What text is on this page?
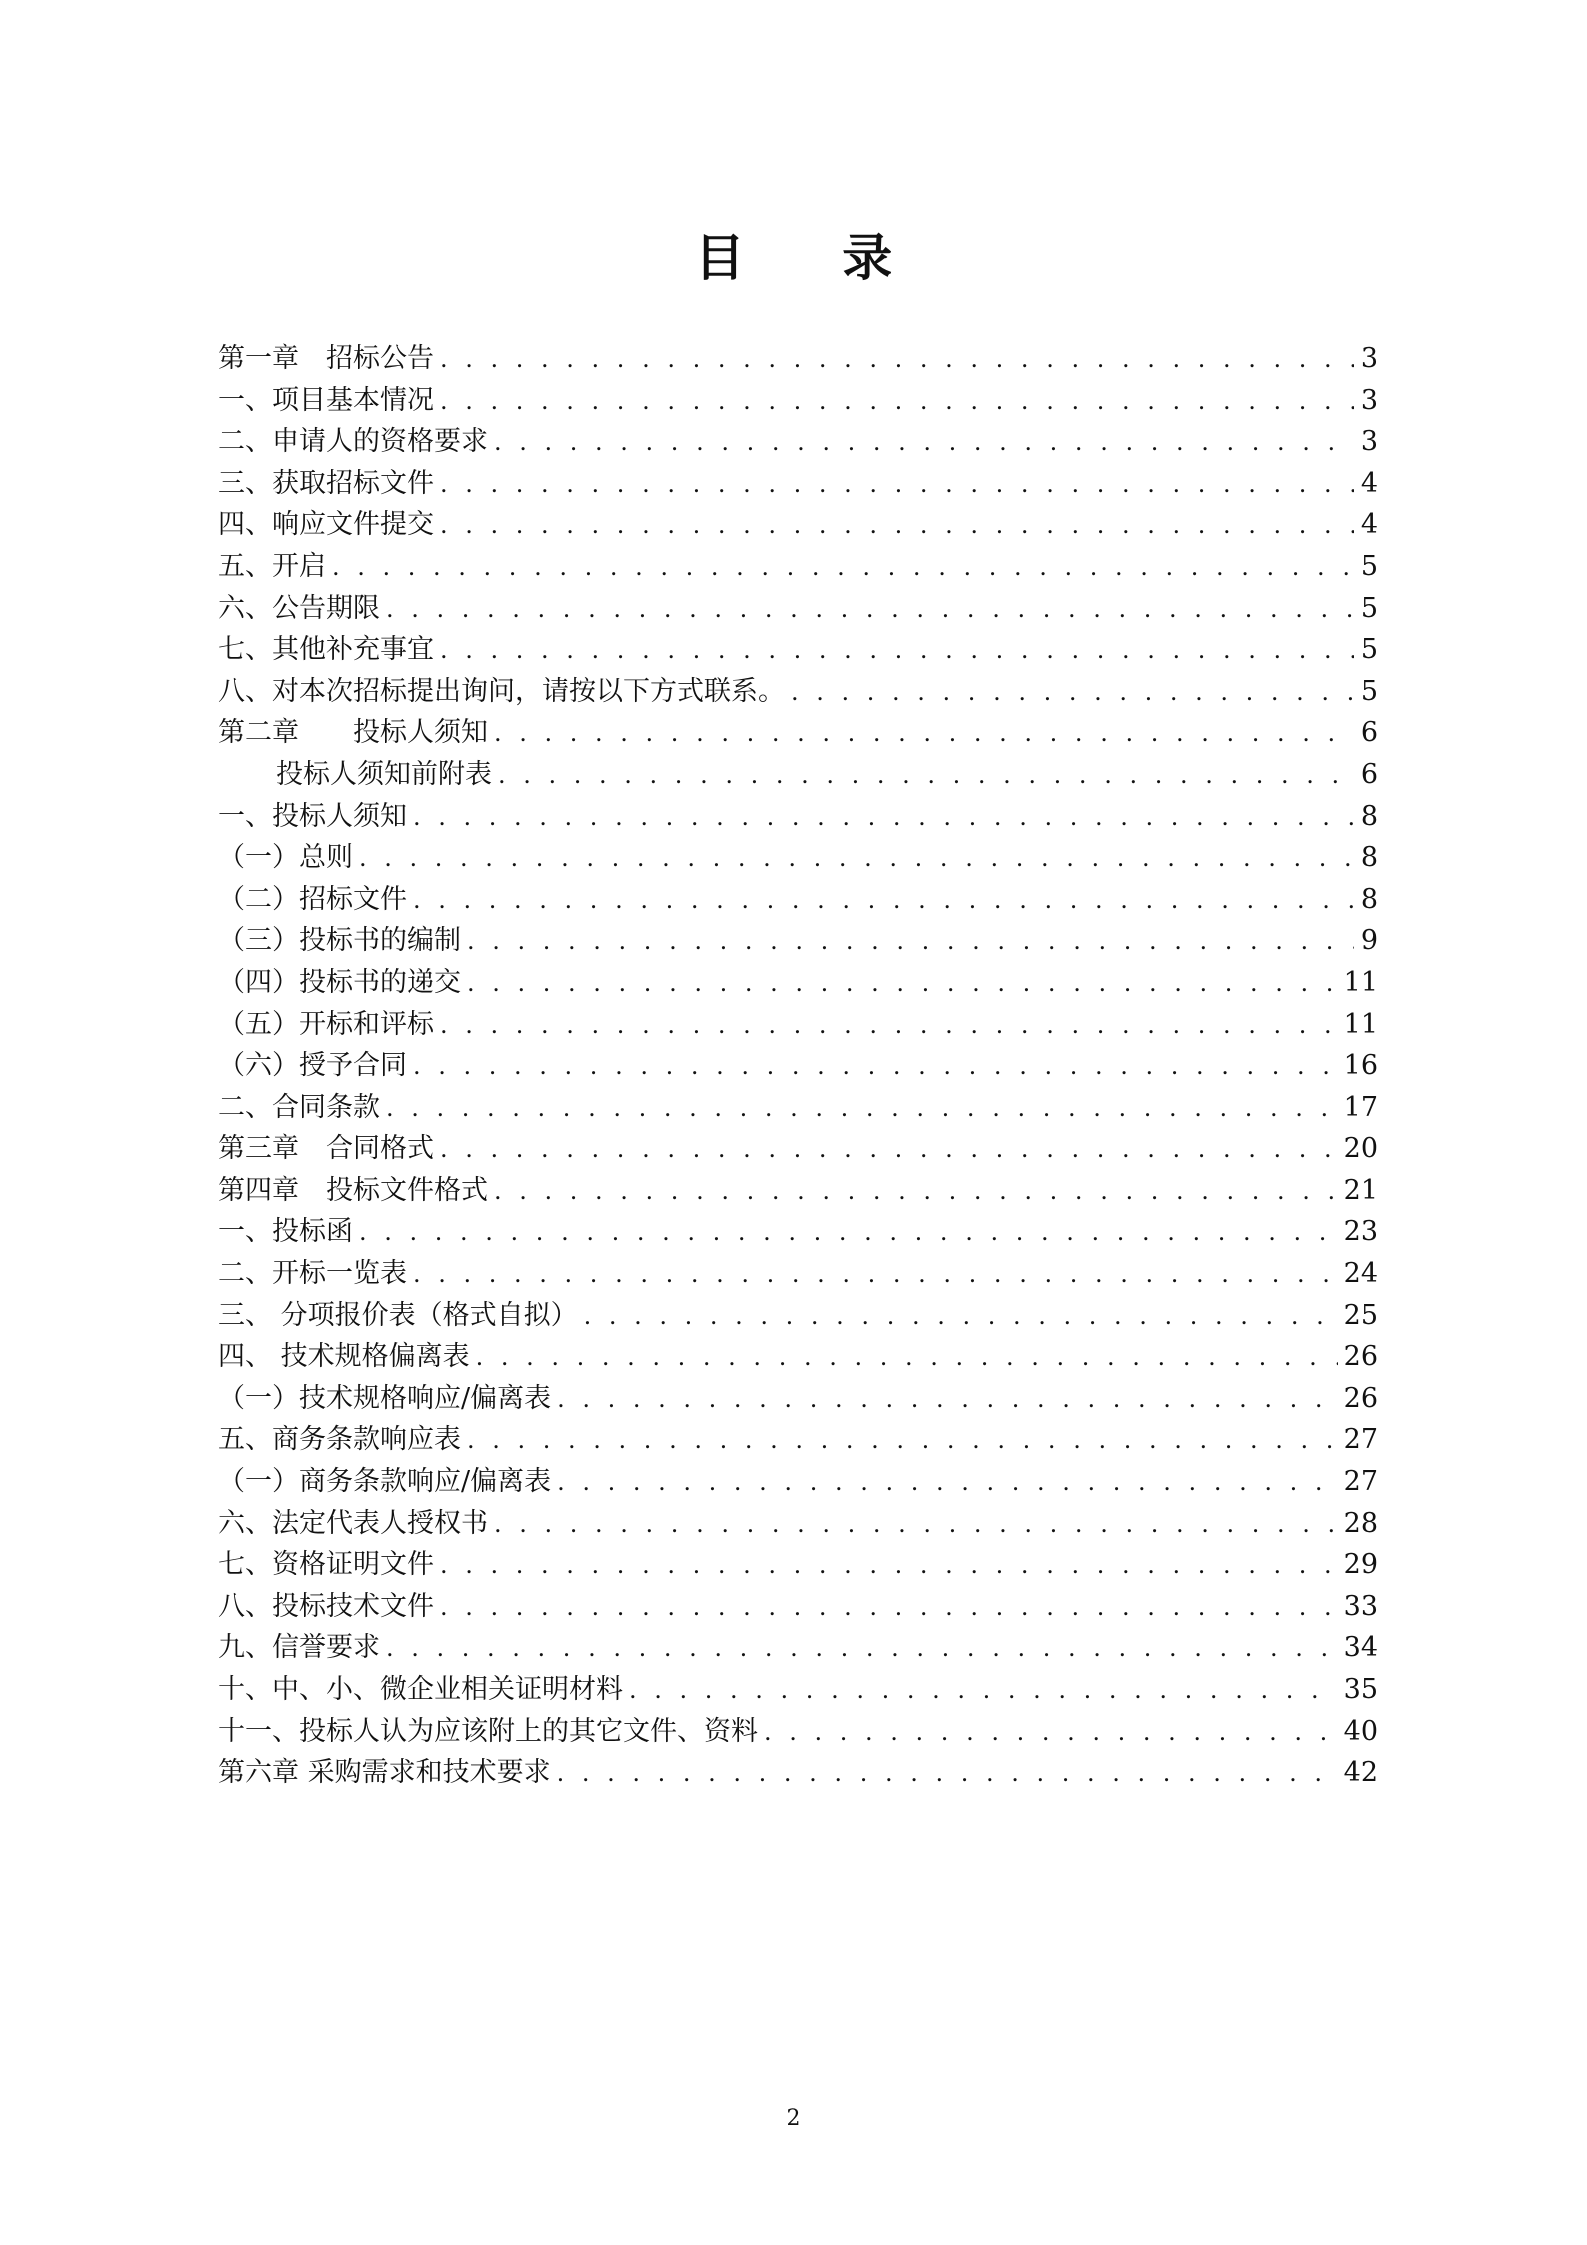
目 录
第一章　招标公告 . . .	3
一、项目基本情况 . . .	3
二、申请人的资格要求 . . .	3
三、获取招标文件 . . .	4
四、响应文件提交 . . .	4
五、开启 . . .	5
六、公告期限 . . .	5
七、其他补充事宜 . . .	5
八、对本次招标提出询问，请按以下方式联系。 . . .	5
第二章　　投标人须知 . . .	6
投标人须知前附表 . . .	6
一、投标人须知 . . .	8
（一）总则 . . .	8
（二）招标文件 . . .	8
（三）投标书的编制 . . .	9
（四）投标书的递交 . . .	11
（五）开标和评标 . . .	11
（六）授予合同 . . .	16
二、合同条款 . . .	17
第三章　合同格式 . . .	20
第四章　投标文件格式 . . .	21
一、投标函 . . .	23
二、开标一览表 . . .	24
三、 分项报价表（格式自拟） . . .	25
四、 技术规格偏离表 . . .	26
（一）技术规格响应/偏离表 . . .	26
五、商务条款响应表 . . .	27
（一）商务条款响应/偏离表 . . .	27
六、法定代表人授权书 . . .	28
七、资格证明文件 . . .	29
八、投标技术文件 . . .	33
九、信誉要求 . . .	34
十、中、小、微企业相关证明材料 . . .	35
十一、投标人认为应该附上的其它文件、资料 . . .	40
第六章 采购需求和技术要求 . . .	42
2
